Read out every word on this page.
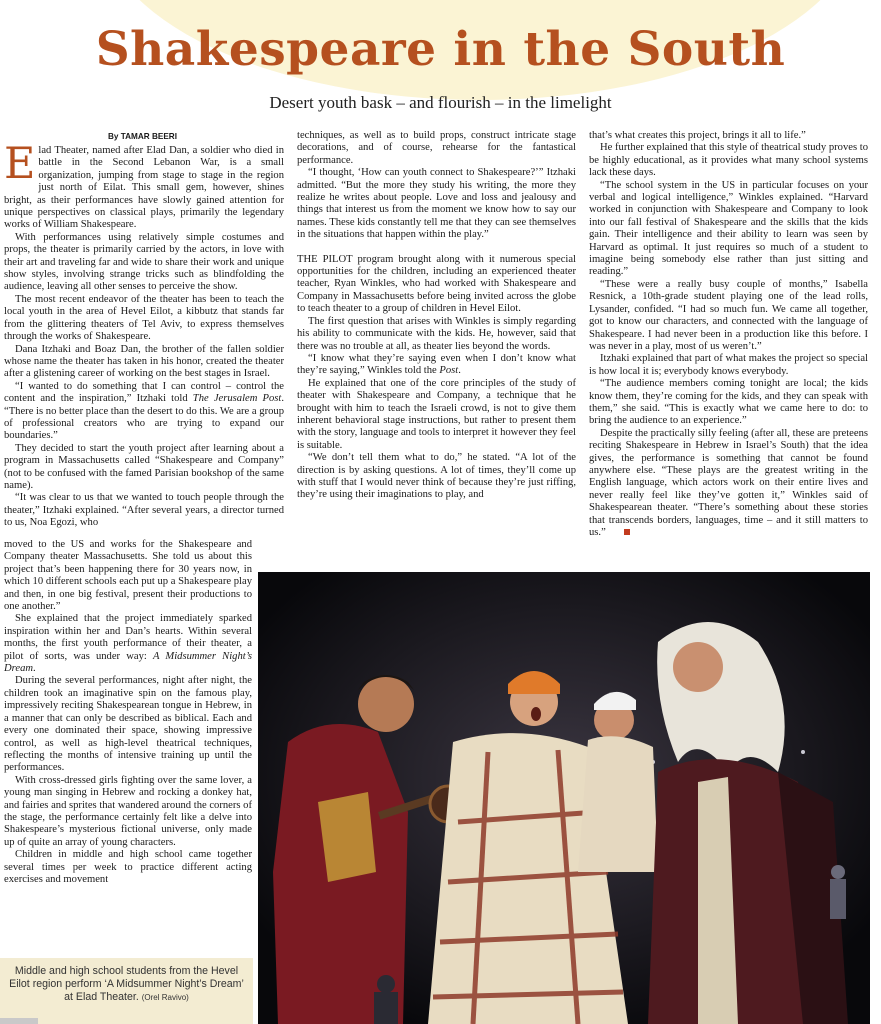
Shakespeare in the South
Desert youth bask – and flourish – in the limelight
By TAMAR BEERI

Elad Theater, named after Elad Dan, a soldier who died in battle in the Second Lebanon War, is a small organization, jumping from stage to stage in the region just north of Eilat. This small gem, however, shines bright, as their performances have slowly gained attention for unique perspectives on classical plays, primarily the legendary works of William Shakespeare.

With performances using relatively simple costumes and props, the theater is primarily carried by the actors, in love with their art and traveling far and wide to share their work and unique show styles, involving strange tricks such as blindfolding the audience, leaving all other senses to perceive the show.

The most recent endeavor of the theater has been to teach the local youth in the area of Hevel Eilot, a kibbutz that stands far from the glittering theaters of Tel Aviv, to express themselves through the works of Shakespeare.

Dana Itzhaki and Boaz Dan, the brother of the fallen soldier whose name the theater has taken in his honor, created the theater after a glistening career of working on the best stages in Israel.

“I wanted to do something that I can control – control the content and the inspiration,” Itzhaki told The Jerusalem Post. “There is no better place than the desert to do this. We are a group of professional creators who are trying to expand our boundaries.”

They decided to start the youth project after learning about a program in Massachusetts called “Shakespeare and Company” (not to be confused with the famed Parisian bookshop of the same name).

“It was clear to us that we wanted to touch people through the theater,” Itzhaki explained. “After several years, a director turned to us, Noa Egozi, who

moved to the US and works for the Shakespeare and Company theater Massachusetts. She told us about this project that’s been happening there for 30 years now, in which 10 different schools each put up a Shakespeare play and then, in one big festival, present their productions to one another.”

She explained that the project immediately sparked inspiration within her and Dan’s hearts. Within several months, the first youth performance of their theater, a pilot of sorts, was under way: A Midsummer Night’s Dream.

During the several performances, night after night, the children took an imaginative spin on the famous play, impressively reciting Shakespearean tongue in Hebrew, in a manner that can only be described as biblical. Each and every one dominated their space, showing impressive control, as well as high-level theatrical techniques, reflecting the months of intensive training up until the performances.

With cross-dressed girls fighting over the same lover, a young man singing in Hebrew and rocking a donkey hat, and fairies and sprites that wandered around the corners of the stage, the performance certainly felt like a delve into Shakespeare’s mysterious fictional universe, only made up of quite an array of young characters.

Children in middle and high school came together several times per week to practice different acting exercises and movement

techniques, as well as to build props, construct intricate stage decorations, and of course, rehearse for the fantastical performance.

“I thought, ‘How can youth connect to Shakespeare?’” Itzhaki admitted. “But the more they study his writing, the more they realize he writes about people. Love and loss and jealousy and things that interest us from the moment we know how to say our names. These kids constantly tell me that they can see themselves in the situations that happen within the play.”

THE PILOT program brought along with it numerous special opportunities for the children, including an experienced theater teacher, Ryan Winkles, who had worked with Shakespeare and Company in Massachusetts before being invited across the globe to teach theater to a group of children in Hevel Eilot.

The first question that arises with Winkles is simply regarding his ability to communicate with the kids. He, however, said that there was no trouble at all, as theater lies beyond the words.

“I know what they’re saying even when I don’t know what they’re saying,” Winkles told the Post.

He explained that one of the core principles of the study of theater with Shakespeare and Company, a technique that he brought with him to teach the Israeli crowd, is not to give them inherent behavioral stage instructions, but rather to present them with the story, language and tools to interpret it however they feel is suitable.

“We don’t tell them what to do,” he stated. “A lot of the direction is by asking questions. A lot of times, they’ll come up with stuff that I would never think of because they’re just riffing, they’re using their imaginations to play, and

that’s what creates this project, brings it all to life.”

He further explained that this style of theatrical study proves to be highly educational, as it provides what many school systems lack these days.

“The school system in the US in particular focuses on your verbal and logical intelligence,” Winkles explained. “Harvard worked in conjunction with Shakespeare and Company to look into our fall festival of Shakespeare and the skills that the kids gain. Their intelligence and their ability to learn was seen by Harvard as optimal. It just requires so much of a student to imagine being somebody else rather than just sitting and reading.”

“These were a really busy couple of months,” Isabella Resnick, a 10th-grade student playing one of the lead rolls, Lysander, confided. “I had so much fun. We came all together, got to know our characters, and connected with the language of Shakespeare. I had never been in a production like this before. I was never in a play, most of us weren’t.”

Itzhaki explained that part of what makes the project so special is how local it is; everybody knows everybody.

“The audience members coming tonight are local; the kids know them, they’re coming for the kids, and they can speak with them,” she said. “This is exactly what we came here to do: to bring the audience to an experience.”

Despite the practically silly feeling (after all, these are preteens reciting Shakespeare in Hebrew in Israel’s South) that the idea gives, the performance is something that cannot be found anywhere else. “These plays are the greatest writing in the English language, which actors work on their entire lives and never really feel like they’ve gotten it,” Winkles said of Shakespearean theater. “There’s something about these stories that transcends borders, languages, time – and it still matters to us.”

Middle and high school students from the Hevel Eilot region perform ‘A Midsummer Night’s Dream’ at Elad Theater. (Orel Ravivo)
